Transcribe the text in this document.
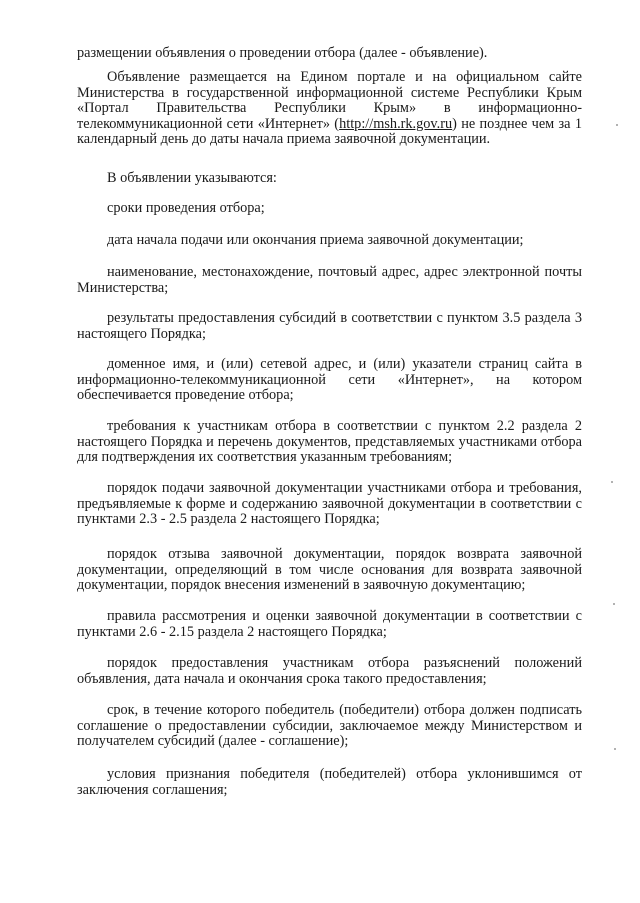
размещении объявления о проведении отбора (далее - объявление).

Объявление размещается на Едином портале и на официальном сайте Министерства в государственной информационной системе Республики Крым «Портал Правительства Республики Крым» в информационно-телекоммуникационной сети «Интернет» (http://msh.rk.gov.ru) не позднее чем за 1 календарный день до даты начала приема заявочной документации.

В объявлении указываются:

сроки проведения отбора;

дата начала подачи или окончания приема заявочной документации;

наименование, местонахождение, почтовый адрес, адрес электронной почты Министерства;

результаты предоставления субсидий в соответствии с пунктом 3.5 раздела 3 настоящего Порядка;

доменное имя, и (или) сетевой адрес, и (или) указатели страниц сайта в информационно-телекоммуникационной сети «Интернет», на котором обеспечивается проведение отбора;

требования к участникам отбора в соответствии с пунктом 2.2 раздела 2 настоящего Порядка и перечень документов, представляемых участниками отбора для подтверждения их соответствия указанным требованиям;

порядок подачи заявочной документации участниками отбора и требования, предъявляемые к форме и содержанию заявочной документации в соответствии с пунктами 2.3 - 2.5 раздела 2 настоящего Порядка;

порядок отзыва заявочной документации, порядок возврата заявочной документации, определяющий в том числе основания для возврата заявочной документации, порядок внесения изменений в заявочную документацию;

правила рассмотрения и оценки заявочной документации в соответствии с пунктами 2.6 - 2.15 раздела 2 настоящего Порядка;

порядок предоставления участникам отбора разъяснений положений объявления, дата начала и окончания срока такого предоставления;

срок, в течение которого победитель (победители) отбора должен подписать соглашение о предоставлении субсидии, заключаемое между Министерством и получателем субсидий (далее - соглашение);

условия признания победителя (победителей) отбора уклонившимся от заключения соглашения;
